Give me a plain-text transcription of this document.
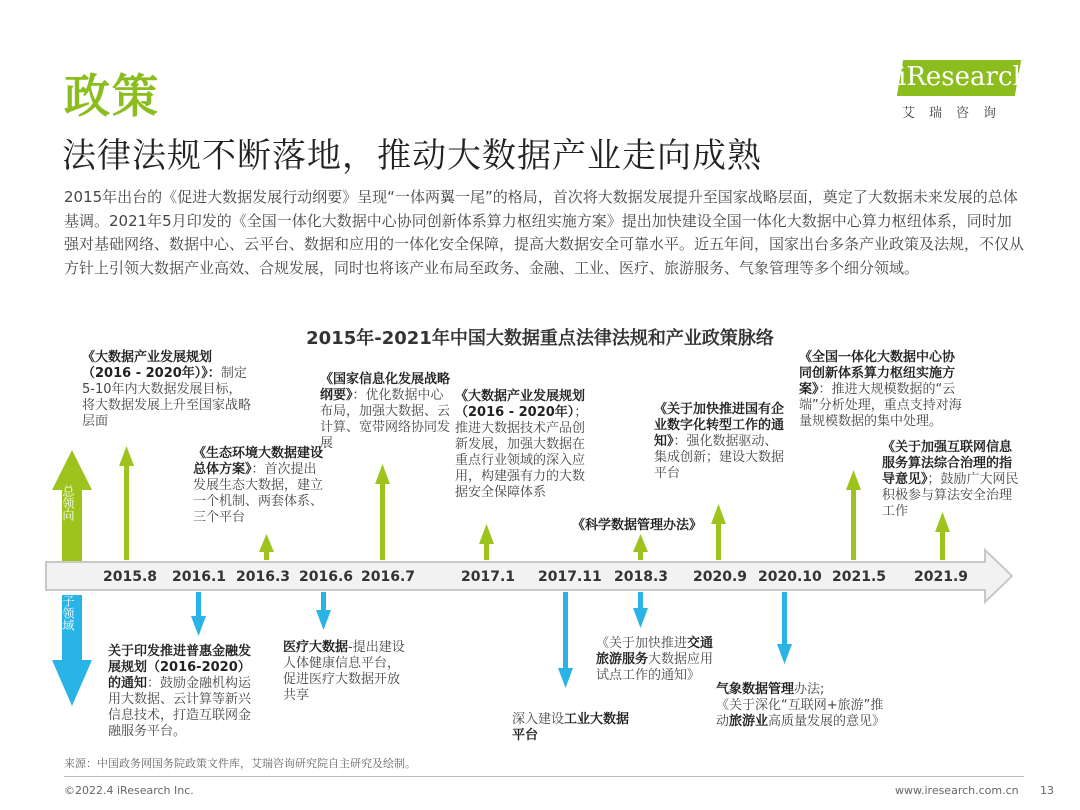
政策	iResearch
艾瑞咨询
法律法规不断落地，推动大数据产业走向成熟
2015年出台的《促进大数据发展行动纲要》呈现“一体两翼一尾”的格局，首次将大数据发展提升至国家战略层面，奠定了大数据未来发展的总体基调。2021年5月印发的《全国一体化大数据中心协同创新体系算力枢纽实施方案》提出加快建设全国一体化大数据中心算力枢纽体系，同时加强对基础网络、数据中心、云平台、数据和应用的一体化安全保障，提高大数据安全可靠水平。近五年间，国家出台多条产业政策及法规，不仅从方针上引领大数据产业高效、合规发展，同时也将该产业布局至政务、金融、工业、医疗、旅游服务、气象管理等多个细分领域。
2015年-2021年中国大数据重点法律法规和产业政策脉络
总领向
子领域
2015.8 2016.1 2016.3 2016.6 2016.7	2017.1 2017.11 2018.3 2020.9 2020.10 2021.5 2021.9
《大数据产业发展规划（2016 - 2020年）》：制定5-10年内大数据发展目标，将大数据发展上升至国家战略层面
《生态环境大数据建设总体方案》：首次提出发展生态大数据，建立一个机制、两套体系、三个平台
《国家信息化发展战略纲要》：优化数据中心布局，加强大数据、云计算、宽带网络协同发展
《大数据产业发展规划（2016 - 2020年）；推进大数据技术产品创新发展，加强大数据在重点行业领域的深入应用，构建强有力的大数据安全保障体系
《科学数据管理办法》
《关于加快推进国有企业数字化转型工作的通知》：强化数据驱动、集成创新；建设大数据平台
《全国一体化大数据中心协同创新体系算力枢纽实施方案》：推进大规模数据的“云端”分析处理，重点支持对海量规模数据的集中处理。
《关于加强互联网信息服务算法综合治理的指导意见》；鼓励广大网民积极参与算法安全治理工作
关于印发推进普惠金融发展规划（2016-2020）的通知：鼓励金融机构运用大数据、云计算等新兴信息技术，打造互联网金融服务平台。
医疗大数据-提出建设人体健康信息平台，促进医疗大数据开放共享
深入建设工业大数据平台
《关于加快推进交通旅游服务大数据应用试点工作的通知》
气象数据管理办法;
《关于深化“互联网+旅游”推动旅游业高质量发展的意见》
来源：中国政务网国务院政策文件库，艾瑞咨询研究院自主研究及绘制。
©2022.4 iResearch Inc.	www.iresearch.com.cn 13
